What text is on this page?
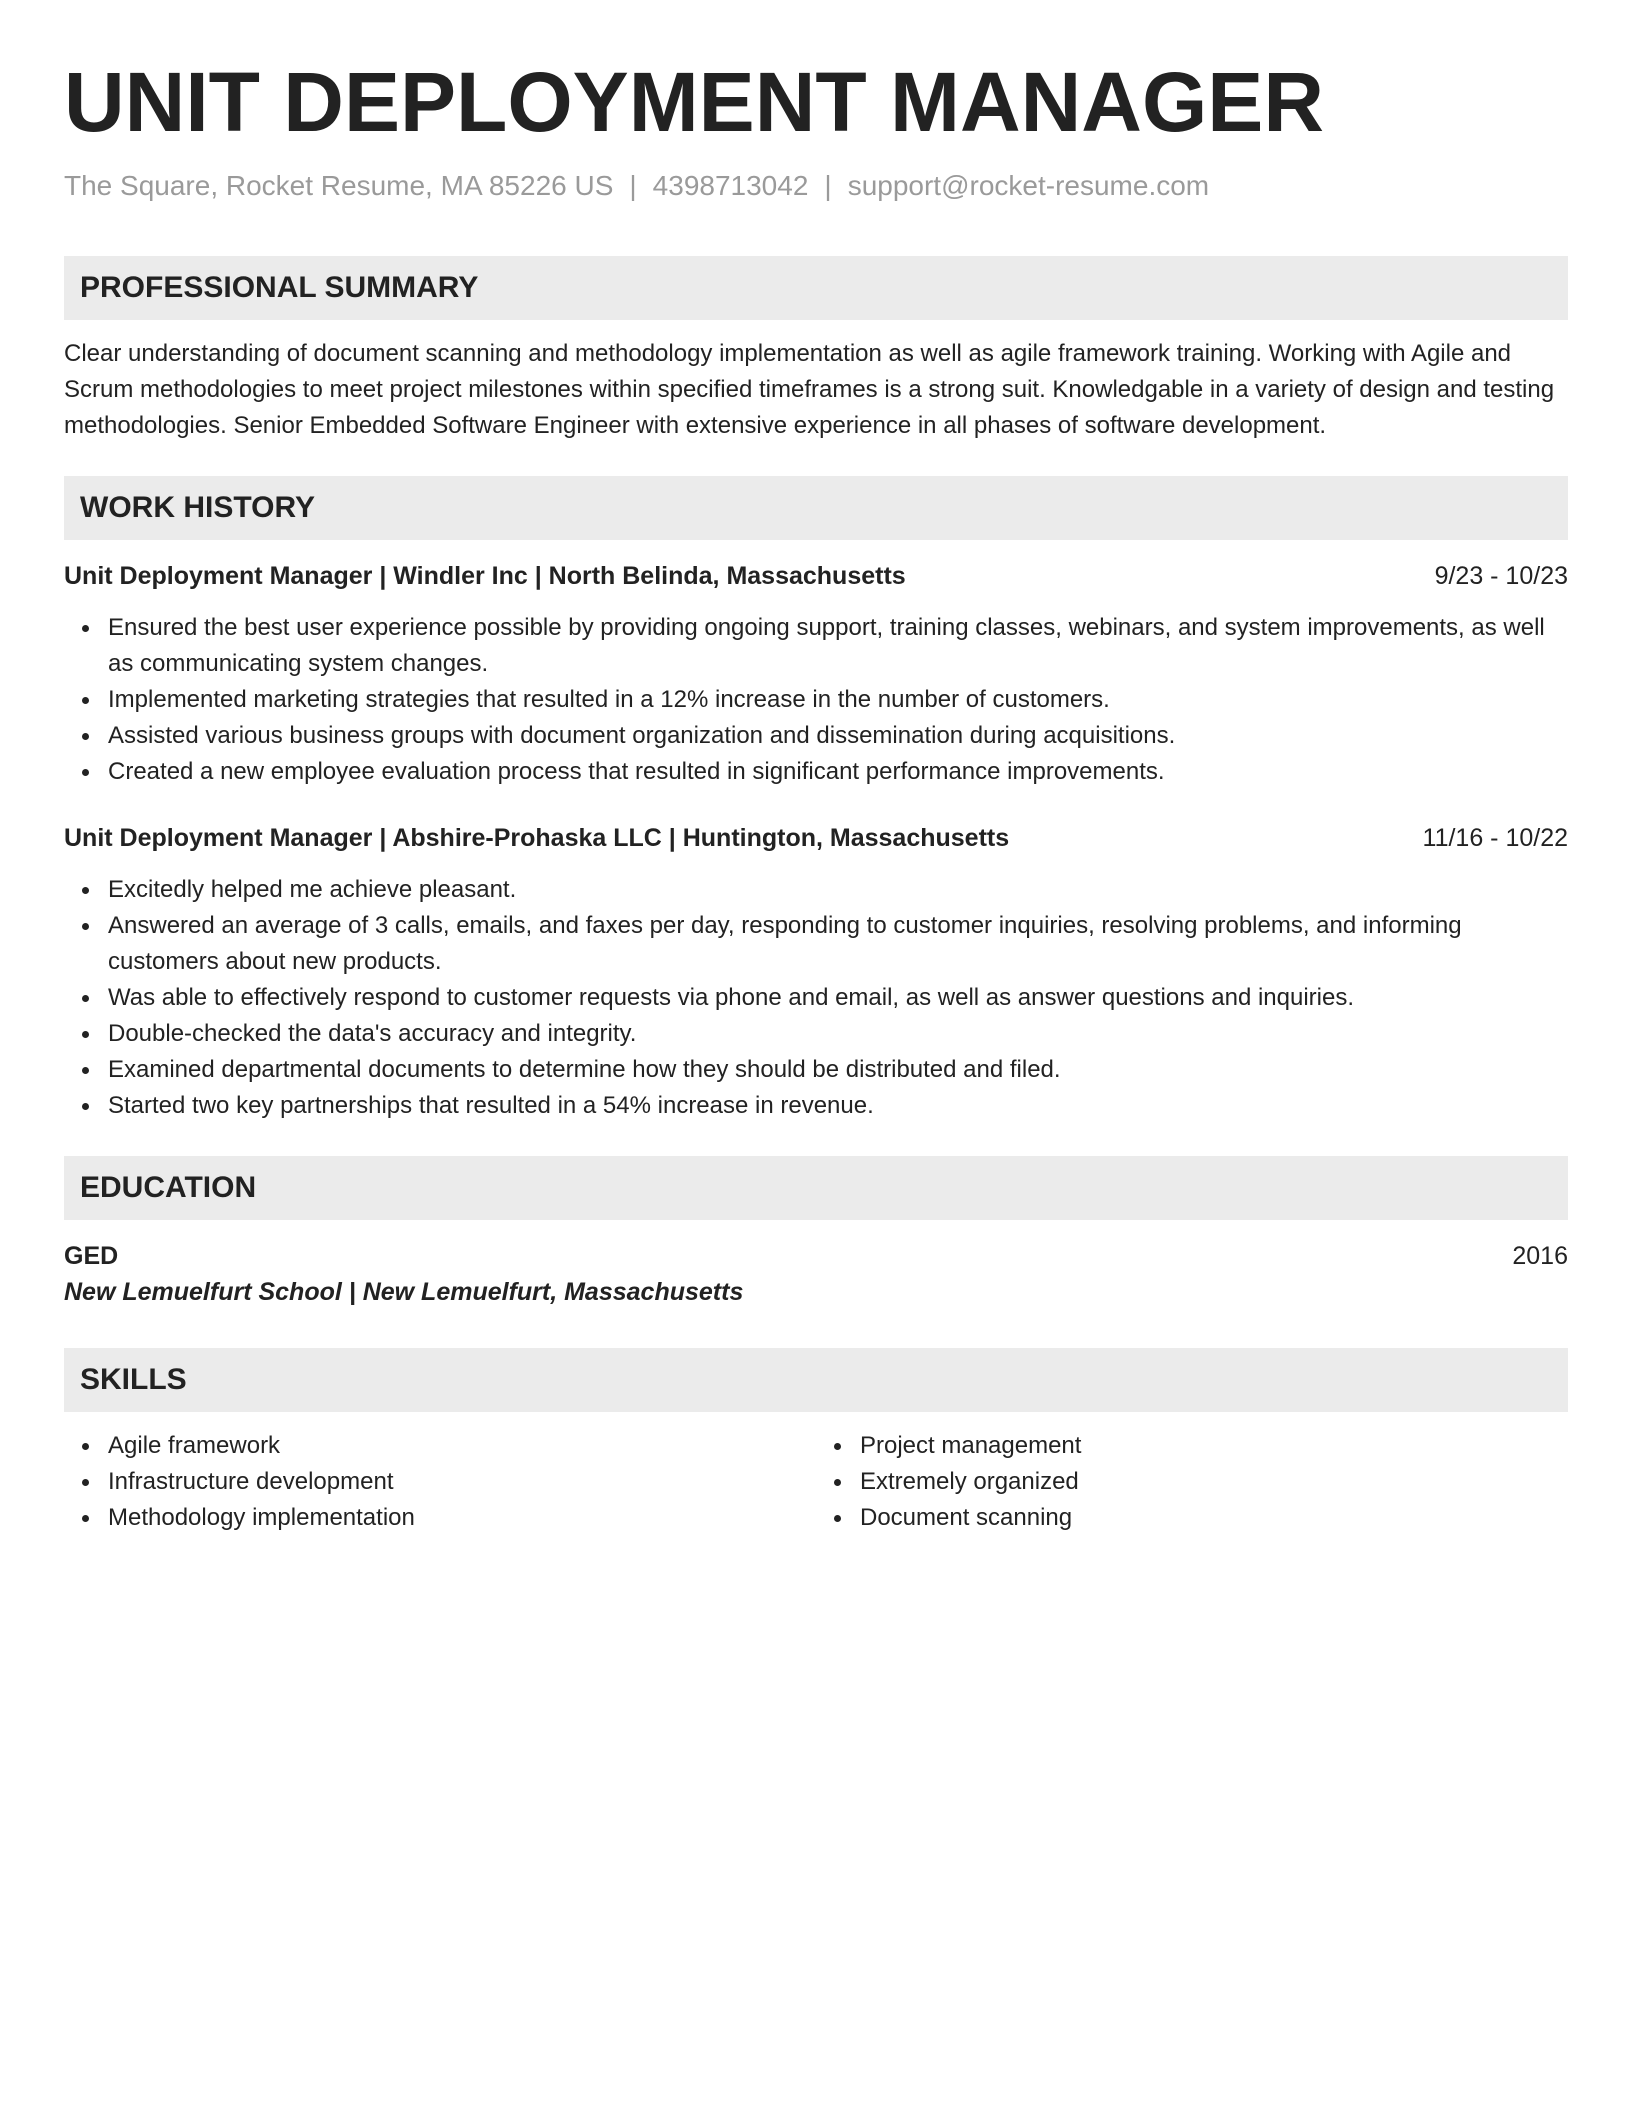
UNIT DEPLOYMENT MANAGER
The Square, Rocket Resume, MA 85226 US | 4398713042 | support@rocket-resume.com
PROFESSIONAL SUMMARY

Clear understanding of document scanning and methodology implementation as well as agile framework training. Working with Agile and Scrum methodologies to meet project milestones within specified timeframes is a strong suit. Knowledgable in a variety of design and testing methodologies. Senior Embedded Software Engineer with extensive experience in all phases of software development.

WORK HISTORY
Unit Deployment Manager | Windler Inc | North Belinda, Massachusetts	9/23 - 10/23
Ensured the best user experience possible by providing ongoing support, training classes, webinars, and system improvements, as well as communicating system changes.
Implemented marketing strategies that resulted in a 12% increase in the number of customers.
Assisted various business groups with document organization and dissemination during acquisitions.
Created a new employee evaluation process that resulted in significant performance improvements.
Unit Deployment Manager | Abshire-Prohaska LLC | Huntington, Massachusetts	11/16 - 10/22
Excitedly helped me achieve pleasant.
Answered an average of 3 calls, emails, and faxes per day, responding to customer inquiries, resolving problems, and informing customers about new products.
Was able to effectively respond to customer requests via phone and email, as well as answer questions and inquiries.
Double-checked the data's accuracy and integrity.
Examined departmental documents to determine how they should be distributed and filed.
Started two key partnerships that resulted in a 54% increase in revenue.
EDUCATION
GED	2016
New Lemuelfurt School | New Lemuelfurt, Massachusetts
SKILLS
Agile framework
Infrastructure development
Methodology implementation
Project management
Extremely organized
Document scanning
